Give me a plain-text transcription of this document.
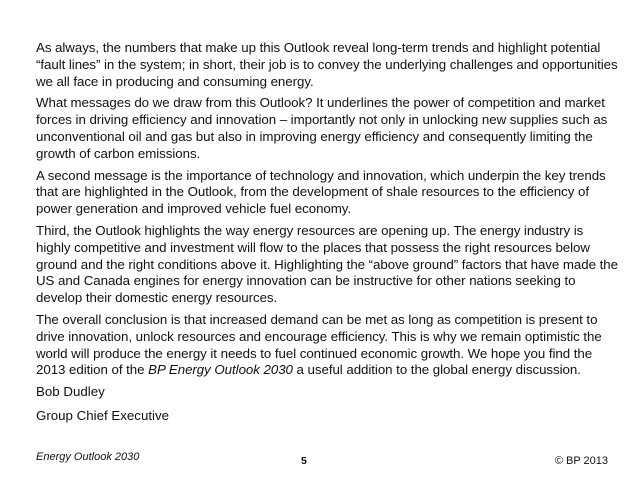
As always, the numbers that make up this Outlook reveal long-term trends and highlight potential “fault lines” in the system; in short, their job is to convey the underlying challenges and opportunities we all face in producing and consuming energy.

What messages do we draw from this Outlook? It underlines the power of competition and market forces in driving efficiency and innovation – importantly not only in unlocking new supplies such as unconventional oil and gas but also in improving energy efficiency and consequently limiting the growth of carbon emissions.

A second message is the importance of technology and innovation, which underpin the key trends that are highlighted in the Outlook, from the development of shale resources to the efficiency of power generation and improved vehicle fuel economy.

Third, the Outlook highlights the way energy resources are opening up. The energy industry is highly competitive and investment will flow to the places that possess the right resources below ground and the right conditions above it. Highlighting the “above ground” factors that have made the US and Canada engines for energy innovation can be instructive for other nations seeking to develop their domestic energy resources.

The overall conclusion is that increased demand can be met as long as competition is present to drive innovation, unlock resources and encourage efficiency. This is why we remain optimistic the world will produce the energy it needs to fuel continued economic growth. We hope you find the 2013 edition of the BP Energy Outlook 2030 a useful addition to the global energy discussion.

Bob Dudley

Group Chief Executive

Energy Outlook 2030	5	© BP 2013
